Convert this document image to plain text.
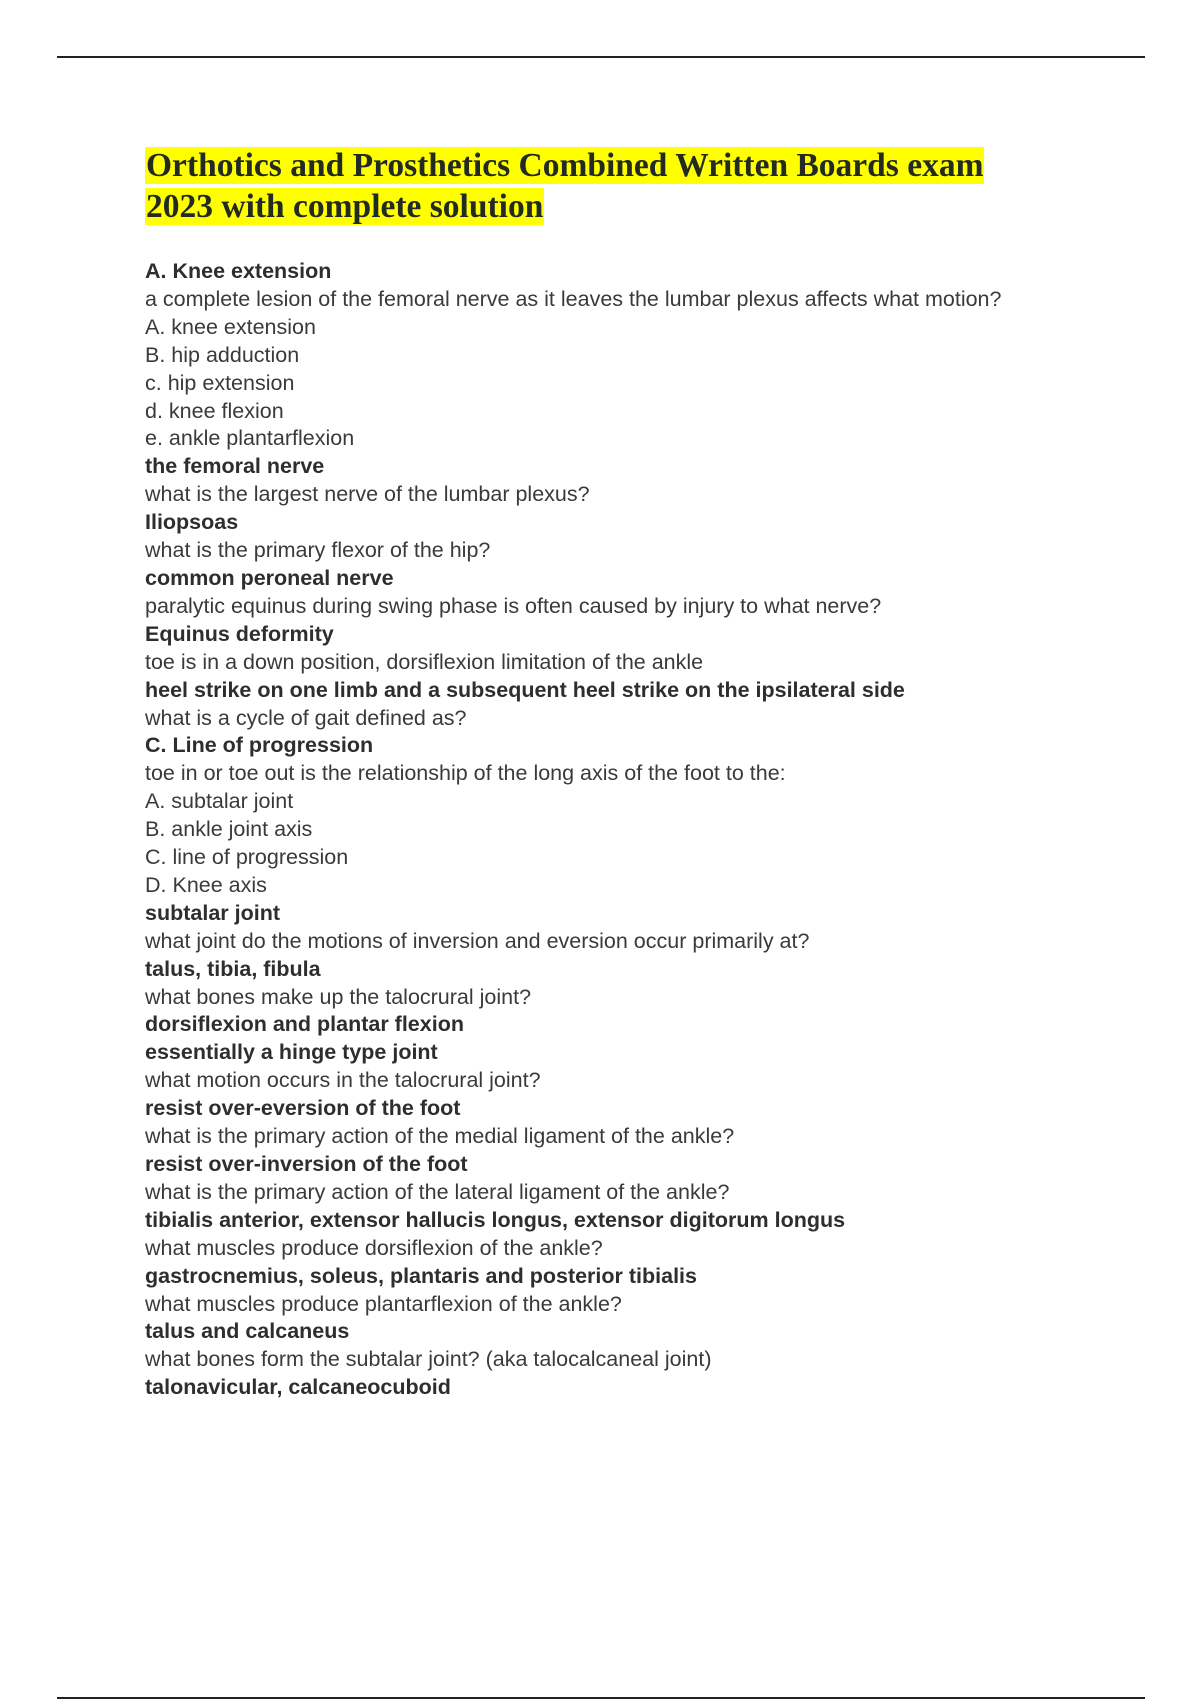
Orthotics and Prosthetics Combined Written Boards exam
2023 with complete solution
A. Knee extension
a complete lesion of the femoral nerve as it leaves the lumbar plexus affects what motion?
A. knee extension
B. hip adduction
c. hip extension
d. knee flexion
e. ankle plantarflexion
the femoral nerve
what is the largest nerve of the lumbar plexus?
Iliopsoas
what is the primary flexor of the hip?
common peroneal nerve
paralytic equinus during swing phase is often caused by injury to what nerve?
Equinus deformity
toe is in a down position, dorsiflexion limitation of the ankle
heel strike on one limb and a subsequent heel strike on the ipsilateral side
what is a cycle of gait defined as?
C. Line of progression
toe in or toe out is the relationship of the long axis of the foot to the:
A. subtalar joint
B. ankle joint axis
C. line of progression
D. Knee axis
subtalar joint
what joint do the motions of inversion and eversion occur primarily at?
talus, tibia, fibula
what bones make up the talocrural joint?
dorsiflexion and plantar flexion
essentially a hinge type joint
what motion occurs in the talocrural joint?
resist over-eversion of the foot
what is the primary action of the medial ligament of the ankle?
resist over-inversion of the foot
what is the primary action of the lateral ligament of the ankle?
tibialis anterior, extensor hallucis longus, extensor digitorum longus
what muscles produce dorsiflexion of the ankle?
gastrocnemius, soleus, plantaris and posterior tibialis
what muscles produce plantarflexion of the ankle?
talus and calcaneus
what bones form the subtalar joint? (aka talocalcaneal joint)
talonavicular, calcaneocuboid
